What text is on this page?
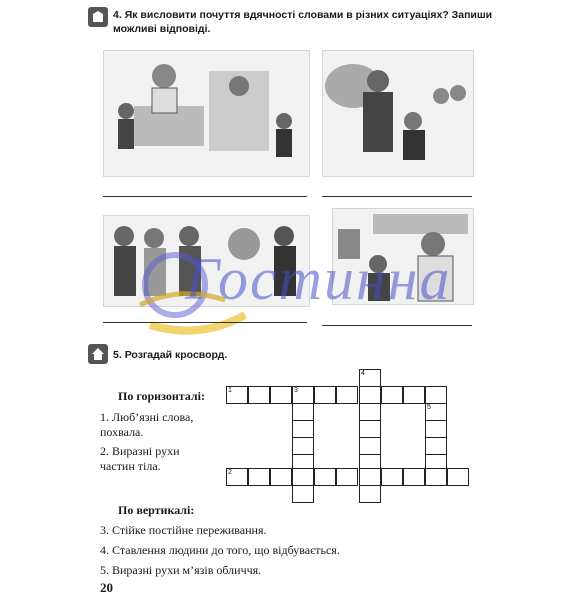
4. Як висловити почуття вдячності словами в різних ситуаціях? Запиши
можливі відповіді.
Гостинна
5. Розгадай кросворд.
По горизонталі:
1. Люб’язні слова,
похвала.
2. Виразні рухи
частин тіла.
По вертикалі:
3. Стійке постійне переживання.
4. Ставлення людини до того, що відбувається.
5. Виразні рухи м’язів обличчя.
4
1	3
5
2
20
